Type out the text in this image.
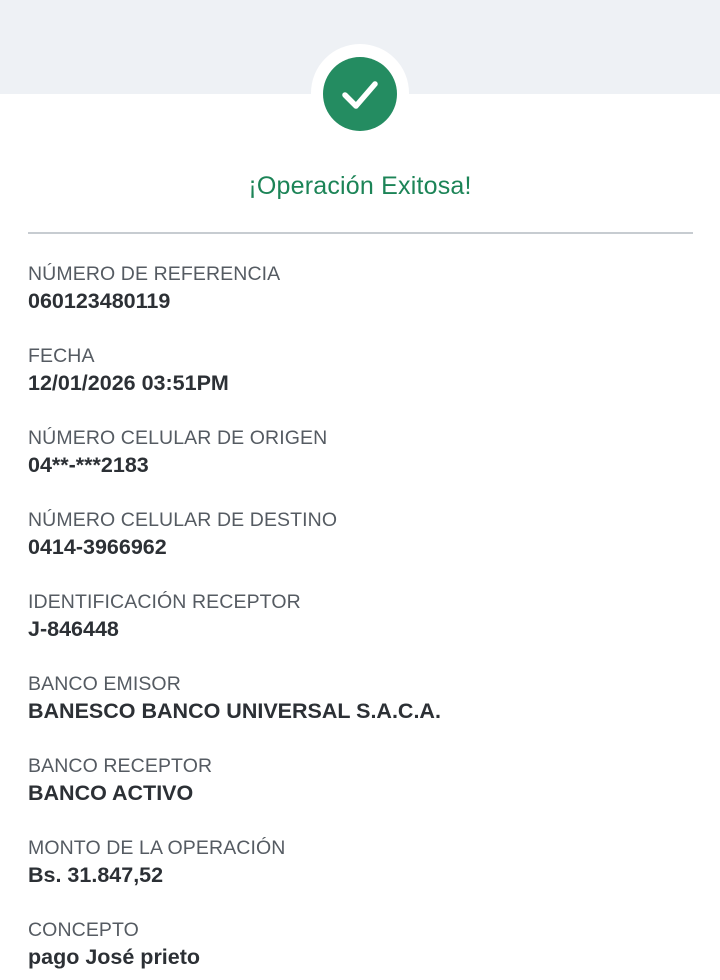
¡Operación Exitosa!
NÚMERO DE REFERENCIA
060123480119
FECHA
12/01/2026 03:51PM
NÚMERO CELULAR DE ORIGEN
04**-***2183
NÚMERO CELULAR DE DESTINO
0414-3966962
IDENTIFICACIÓN RECEPTOR
J-846448
BANCO EMISOR
BANESCO BANCO UNIVERSAL S.A.C.A.
BANCO RECEPTOR
BANCO ACTIVO
MONTO DE LA OPERACIÓN
Bs. 31.847,52
CONCEPTO
pago José prieto
